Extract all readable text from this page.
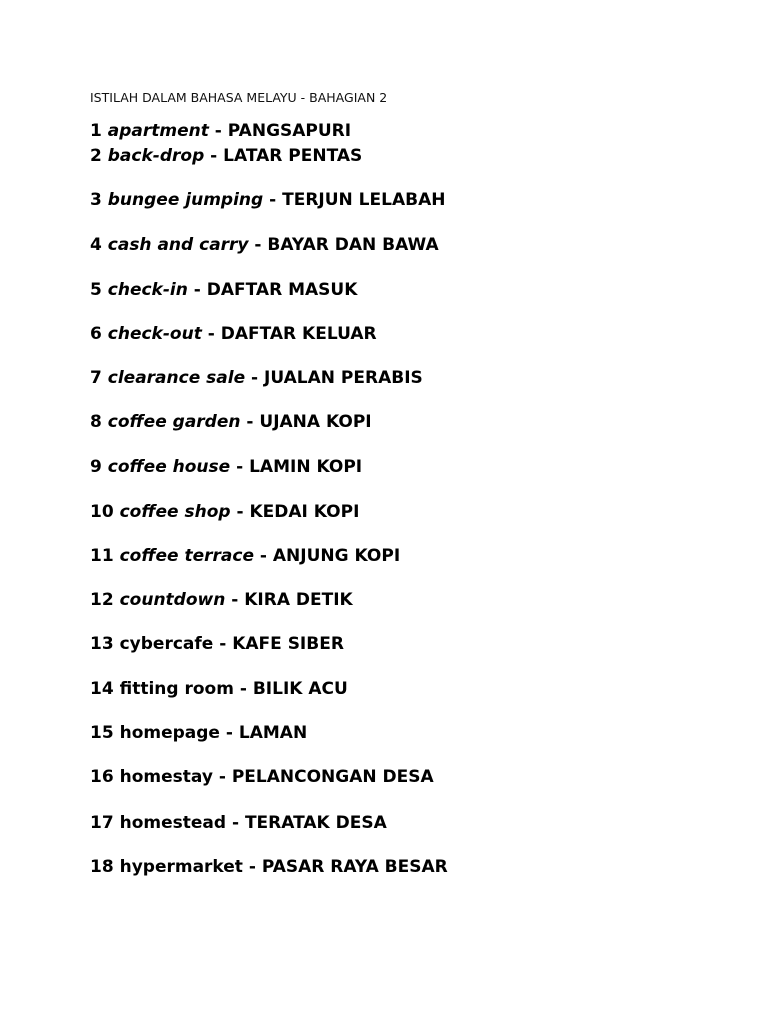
ISTILAH DALAM BAHASA MELAYU - BAHAGIAN 2
1 apartment - PANGSAPURI
2 back-drop - LATAR PENTAS
3 bungee jumping - TERJUN LELABAH
4 cash and carry - BAYAR DAN BAWA
5 check-in - DAFTAR MASUK
6 check-out - DAFTAR KELUAR
7 clearance sale - JUALAN PERABIS
8 coffee garden - UJANA KOPI
9 coffee house - LAMIN KOPI
10 coffee shop - KEDAI KOPI
11 coffee terrace - ANJUNG KOPI
12 countdown - KIRA DETIK
13 cybercafe - KAFE SIBER
14 fitting room - BILIK ACU
15 homepage - LAMAN
16 homestay - PELANCONGAN DESA
17 homestead - TERATAK DESA
18 hypermarket - PASAR RAYA BESAR
